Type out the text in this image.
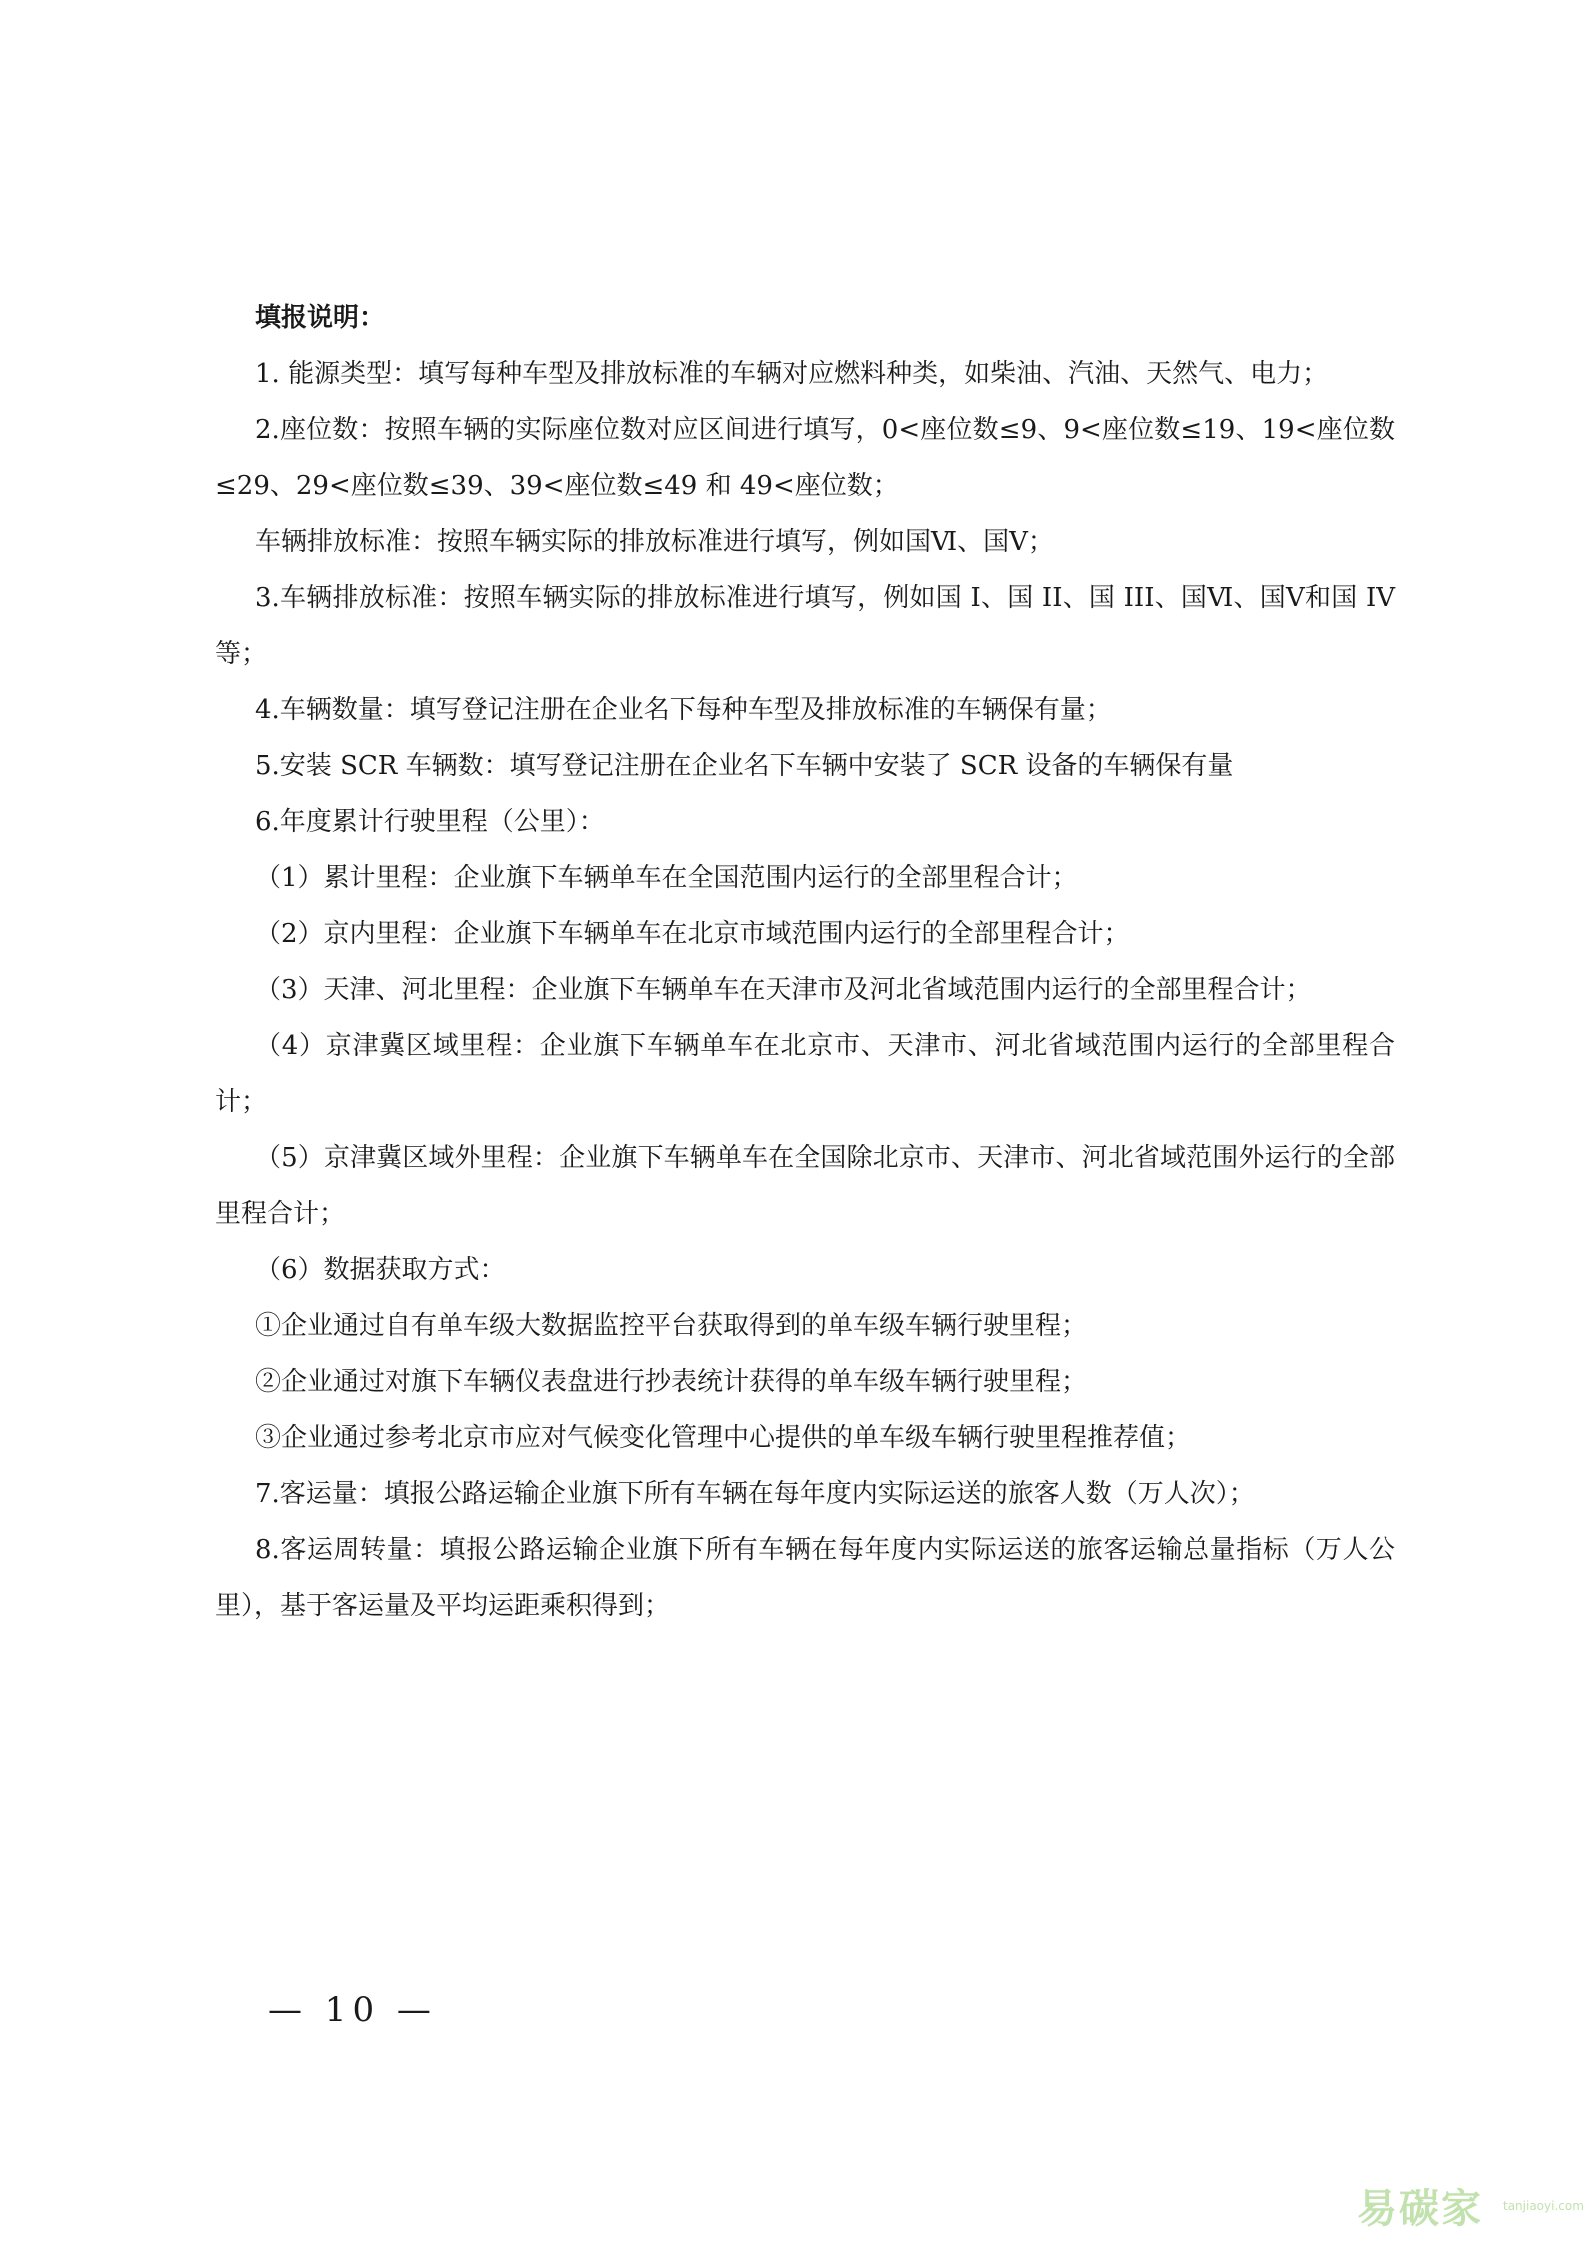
填报说明：

1. 能源类型：填写每种车型及排放标准的车辆对应燃料种类，如柴油、汽油、天然气、电力；

2.座位数：按照车辆的实际座位数对应区间进行填写，0<座位数≤9、9<座位数≤19、19<座位数≤29、29<座位数≤39、39<座位数≤49 和 49<座位数；

车辆排放标准：按照车辆实际的排放标准进行填写，例如国Ⅵ、国Ⅴ；

3.车辆排放标准：按照车辆实际的排放标准进行填写，例如国 I、国 II、国 III、国Ⅵ、国Ⅴ和国 IV 等；

4.车辆数量：填写登记注册在企业名下每种车型及排放标准的车辆保有量；

5.安装 SCR 车辆数：填写登记注册在企业名下车辆中安装了 SCR 设备的车辆保有量

6.年度累计行驶里程（公里）：

（1）累计里程：企业旗下车辆单车在全国范围内运行的全部里程合计；

（2）京内里程：企业旗下车辆单车在北京市域范围内运行的全部里程合计；

（3）天津、河北里程：企业旗下车辆单车在天津市及河北省域范围内运行的全部里程合计；

（4）京津冀区域里程：企业旗下车辆单车在北京市、天津市、河北省域范围内运行的全部里程合计；

（5）京津冀区域外里程：企业旗下车辆单车在全国除北京市、天津市、河北省域范围外运行的全部里程合计；

（6）数据获取方式：

①企业通过自有单车级大数据监控平台获取得到的单车级车辆行驶里程；

②企业通过对旗下车辆仪表盘进行抄表统计获得的单车级车辆行驶里程；

③企业通过参考北京市应对气候变化管理中心提供的单车级车辆行驶里程推荐值；

7.客运量：填报公路运输企业旗下所有车辆在每年度内实际运送的旅客人数（万人次）；

8.客运周转量：填报公路运输企业旗下所有车辆在每年度内实际运送的旅客运输总量指标（万人公里），基于客运量及平均运距乘积得到；

— 10 —
易碳家 tanjiaoyi.com
